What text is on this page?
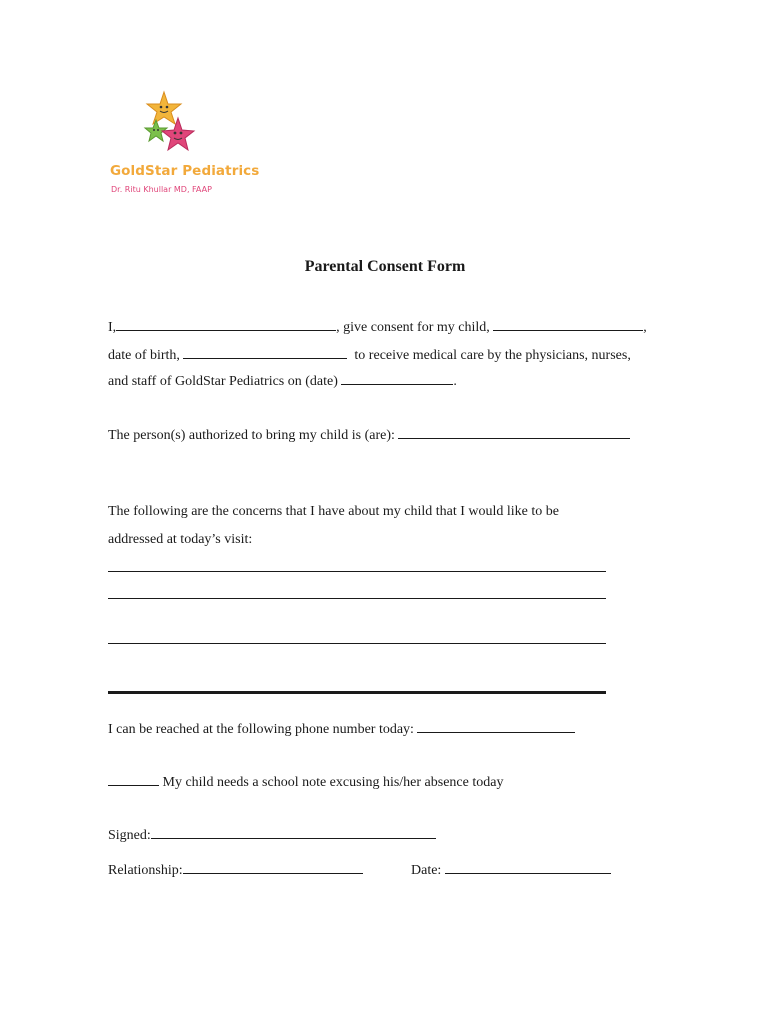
GoldStar Pediatrics
Dr. Ritu Khullar MD, FAAP
Parental Consent Form
I,	, give consent for my child,	,
date of birth,	to receive medical care by the physicians, nurses,
and staff of GoldStar Pediatrics on (date)	.
The person(s) authorized to bring my child is (are):
The following are the concerns that I have about my child that I would like to be
addressed at today’s visit:
I can be reached at the following phone number today:
My child needs a school note excusing his/her absence today
Signed:
Relationship:	Date:
